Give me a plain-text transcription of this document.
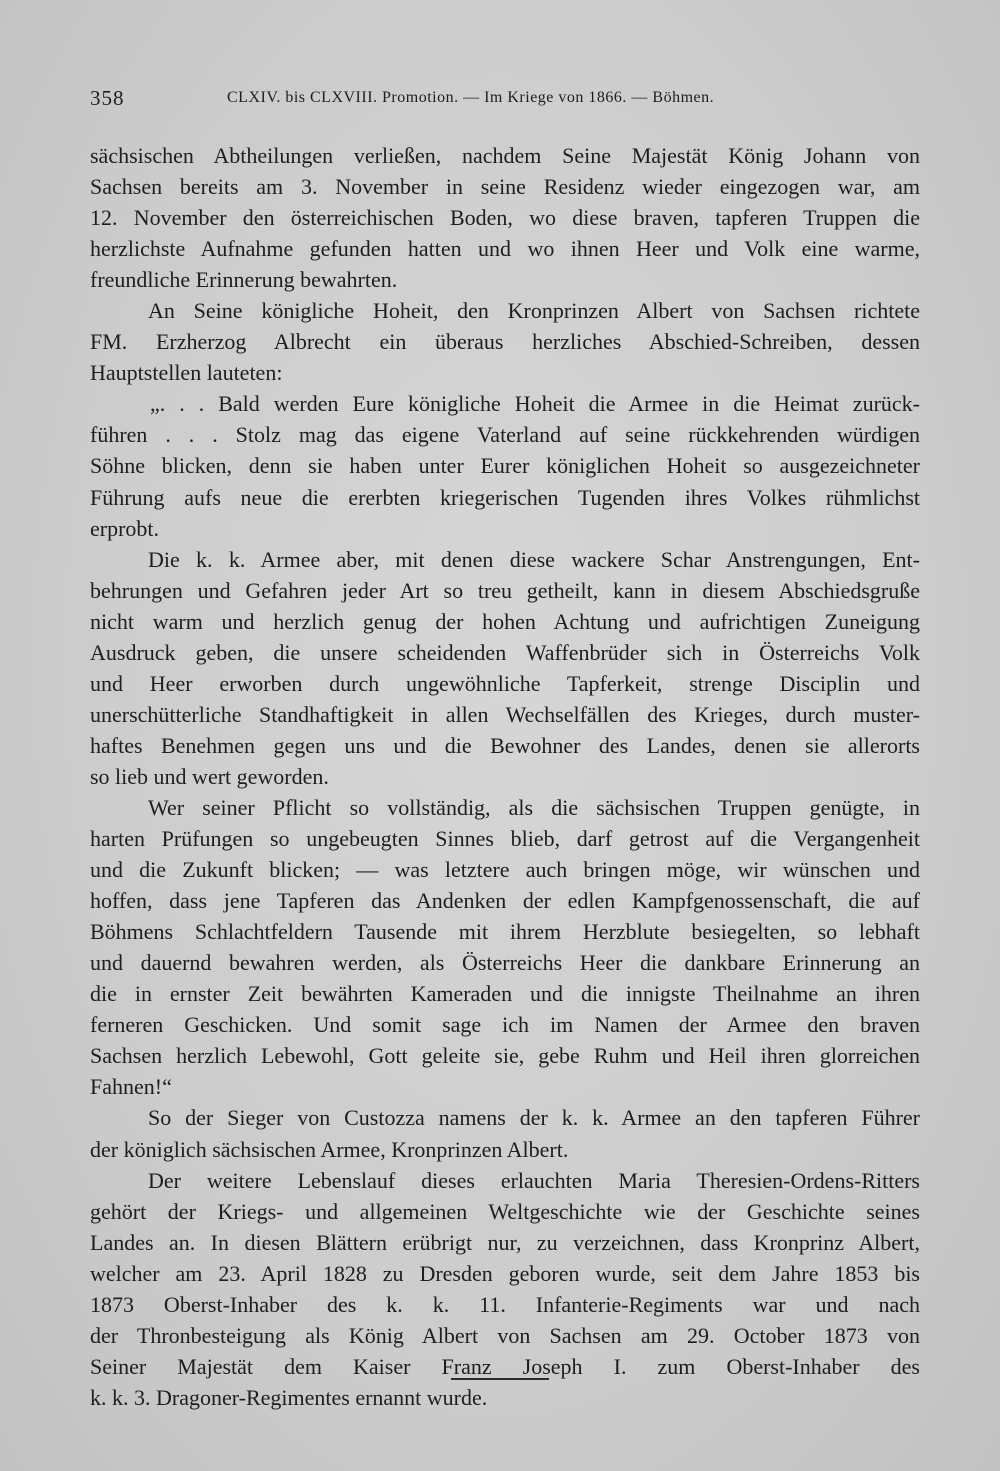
358	CLXIV. bis CLXVIII. Promotion. — Im Kriege von 1866. — Böhmen.
sächsischen Abtheilungen verließen, nachdem Seine Majestät König Johann von
Sachsen bereits am 3. November in seine Residenz wieder eingezogen war, am
12. November den österreichischen Boden, wo diese braven, tapferen Truppen die
herzlichste Aufnahme gefunden hatten und wo ihnen Heer und Volk eine warme,
freundliche Erinnerung bewahrten.
An Seine königliche Hoheit, den Kronprinzen Albert von Sachsen richtete
FM. Erzherzog Albrecht ein überaus herzliches Abschied-Schreiben, dessen
Hauptstellen lauteten:
„. . . Bald werden Eure königliche Hoheit die Armee in die Heimat zurück-
führen . . . Stolz mag das eigene Vaterland auf seine rückkehrenden würdigen
Söhne blicken, denn sie haben unter Eurer königlichen Hoheit so ausgezeichneter
Führung aufs neue die ererbten kriegerischen Tugenden ihres Volkes rühmlichst
erprobt.
Die k. k. Armee aber, mit denen diese wackere Schar Anstrengungen, Ent-
behrungen und Gefahren jeder Art so treu getheilt, kann in diesem Abschiedsgruße
nicht warm und herzlich genug der hohen Achtung und aufrichtigen Zuneigung
Ausdruck geben, die unsere scheidenden Waffenbrüder sich in Österreichs Volk
und Heer erworben durch ungewöhnliche Tapferkeit, strenge Disciplin und
unerschütterliche Standhaftigkeit in allen Wechselfällen des Krieges, durch muster-
haftes Benehmen gegen uns und die Bewohner des Landes, denen sie allerorts
so lieb und wert geworden.
Wer seiner Pflicht so vollständig, als die sächsischen Truppen genügte, in
harten Prüfungen so ungebeugten Sinnes blieb, darf getrost auf die Vergangenheit
und die Zukunft blicken; — was letztere auch bringen möge, wir wünschen und
hoffen, dass jene Tapferen das Andenken der edlen Kampfgenossenschaft, die auf
Böhmens Schlachtfeldern Tausende mit ihrem Herzblute besiegelten, so lebhaft
und dauernd bewahren werden, als Österreichs Heer die dankbare Erinnerung an
die in ernster Zeit bewährten Kameraden und die innigste Theilnahme an ihren
ferneren Geschicken. Und somit sage ich im Namen der Armee den braven
Sachsen herzlich Lebewohl, Gott geleite sie, gebe Ruhm und Heil ihren glorreichen
Fahnen!“
So der Sieger von Custozza namens der k. k. Armee an den tapferen Führer
der königlich sächsischen Armee, Kronprinzen Albert.
Der weitere Lebenslauf dieses erlauchten Maria Theresien-Ordens-Ritters
gehört der Kriegs- und allgemeinen Weltgeschichte wie der Geschichte seines
Landes an. In diesen Blättern erübrigt nur, zu verzeichnen, dass Kronprinz Albert,
welcher am 23. April 1828 zu Dresden geboren wurde, seit dem Jahre 1853 bis
1873 Oberst-Inhaber des k. k. 11. Infanterie-Regiments war und nach
der Thronbesteigung als König Albert von Sachsen am 29. October 1873 von
Seiner Majestät dem Kaiser Franz Joseph I. zum Oberst-Inhaber des
k. k. 3. Dragoner-Regimentes ernannt wurde.
